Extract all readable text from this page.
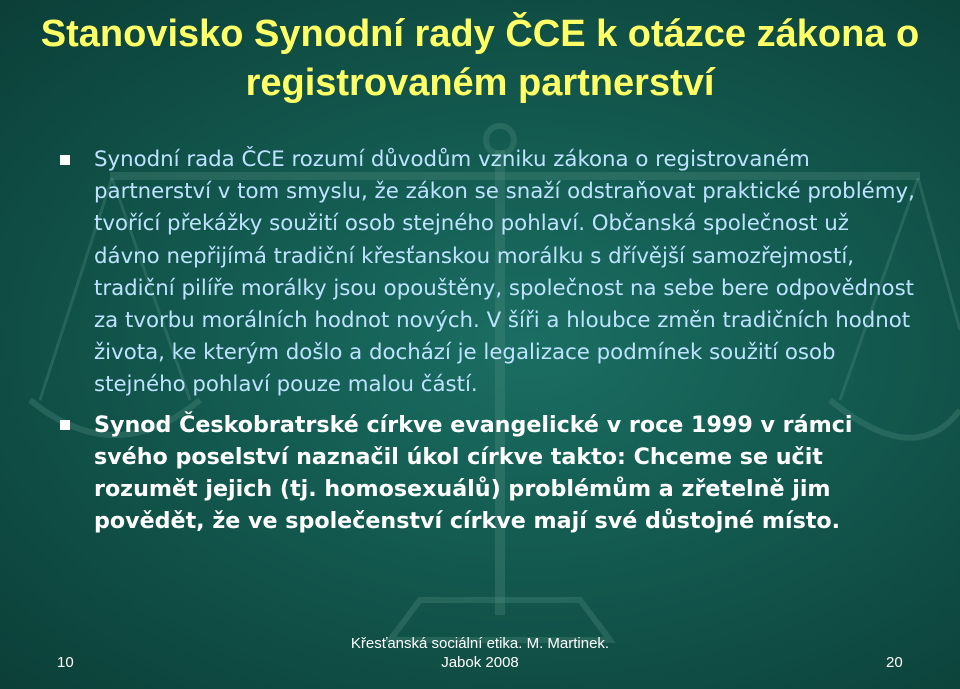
Stanovisko Synodní rady ČCE k otázce zákona o registrovaném partnerství
Synodní rada ČCE rozumí důvodům vzniku zákona o registrovaném partnerství v tom smyslu, že zákon se snaží odstraňovat praktické problémy, tvořící překážky soužití osob stejného pohlaví. Občanská společnost už dávno nepřijímá tradiční křesťanskou morálku s dřívější samozřejmostí, tradiční pilíře morálky jsou opouštěny, společnost na sebe bere odpovědnost za tvorbu morálních hodnot nových. V šíři a hloubce změn tradičních hodnot života, ke kterým došlo a dochází je legalizace podmínek soužití osob stejného pohlaví pouze malou částí.
Synod Českobratrské církve evangelické v roce 1999 v rámci svého poselství naznačil úkol církve takto: Chceme se učit rozumět jejich (tj. homosexuálů) problémům a zřetelně jim povědět, že ve společenství církve mají své důstojné místo.
10
Křesťanská sociální etika. M. Martinek.
Jabok 2008	20
